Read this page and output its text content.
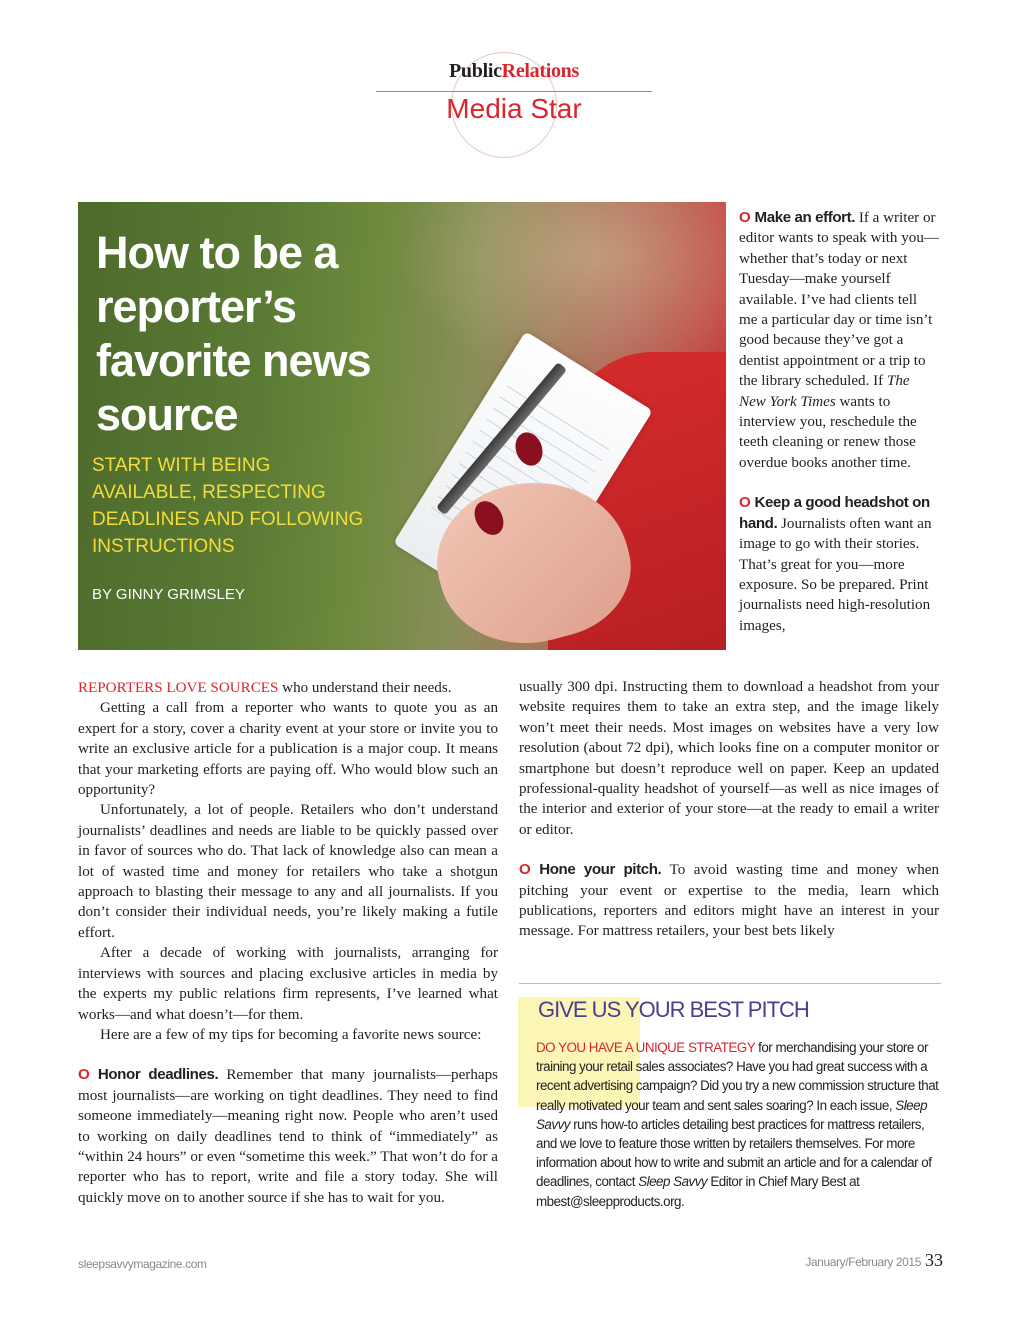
PublicRelations
Media Star
How to be a reporter’s favorite news source
START WITH BEING
AVAILABLE, RESPECTING
DEADLINES AND FOLLOWING
INSTRUCTIONS
BY GINNY GRIMSLEY

O Make an effort. If a writer or editor wants to speak with you—whether that’s today or next Tuesday—make yourself available. I’ve had clients tell me a particular day or time isn’t good because they’ve got a dentist appointment or a trip to the library scheduled. If The New York Times wants to interview you, reschedule the teeth cleaning or renew those overdue books another time.

O Keep a good headshot on hand. Journalists often want an image to go with their stories. That’s great for you—more exposure. So be prepared. Print journalists need high-resolution images,

REPORTERS LOVE SOURCES who understand their needs.

Getting a call from a reporter who wants to quote you as an expert for a story, cover a charity event at your store or invite you to write an exclusive article for a publication is a major coup. It means that your marketing efforts are paying off. Who would blow such an opportunity?

Unfortunately, a lot of people. Retailers who don’t understand journalists’ deadlines and needs are liable to be quickly passed over in favor of sources who do. That lack of knowledge also can mean a lot of wasted time and money for retailers who take a shotgun approach to blasting their message to any and all journalists. If you don’t consider their individual needs, you’re likely making a futile effort.

After a decade of working with journalists, arranging for interviews with sources and placing exclusive articles in media by the experts my public relations firm represents, I’ve learned what works—and what doesn’t—for them.

Here are a few of my tips for becoming a favorite news source:

O Honor deadlines. Remember that many journalists—perhaps most journalists—are working on tight deadlines. They need to find someone immediately—meaning right now. People who aren’t used to working on daily deadlines tend to think of “immediately” as “within 24 hours” or even “sometime this week.” That won’t do for a reporter who has to report, write and file a story today. She will quickly move on to another source if she has to wait for you.

usually 300 dpi. Instructing them to download a headshot from your website requires them to take an extra step, and the image likely won’t meet their needs. Most images on websites have a very low resolution (about 72 dpi), which looks fine on a computer monitor or smartphone but doesn’t reproduce well on paper. Keep an updated professional-quality headshot of yourself—as well as nice images of the interior and exterior of your store—at the ready to email a writer or editor.

O Hone your pitch. To avoid wasting time and money when pitching your event or expertise to the media, learn which publications, reporters and editors might have an interest in your message. For mattress retailers, your best bets likely

GIVE US YOUR BEST PITCH
DO YOU HAVE A UNIQUE STRATEGY for merchandising your store or training your retail sales associates? Have you had great success with a recent advertising campaign? Did you try a new commission structure that really motivated your team and sent sales soaring? In each issue, Sleep Savvy runs how-to articles detailing best practices for mattress retailers, and we love to feature those written by retailers themselves. For more information about how to write and submit an article and for a calendar of deadlines, contact Sleep Savvy Editor in Chief Mary Best at mbest@sleepproducts.org.
sleepsavvymagazine.com	January/February 2015 33
